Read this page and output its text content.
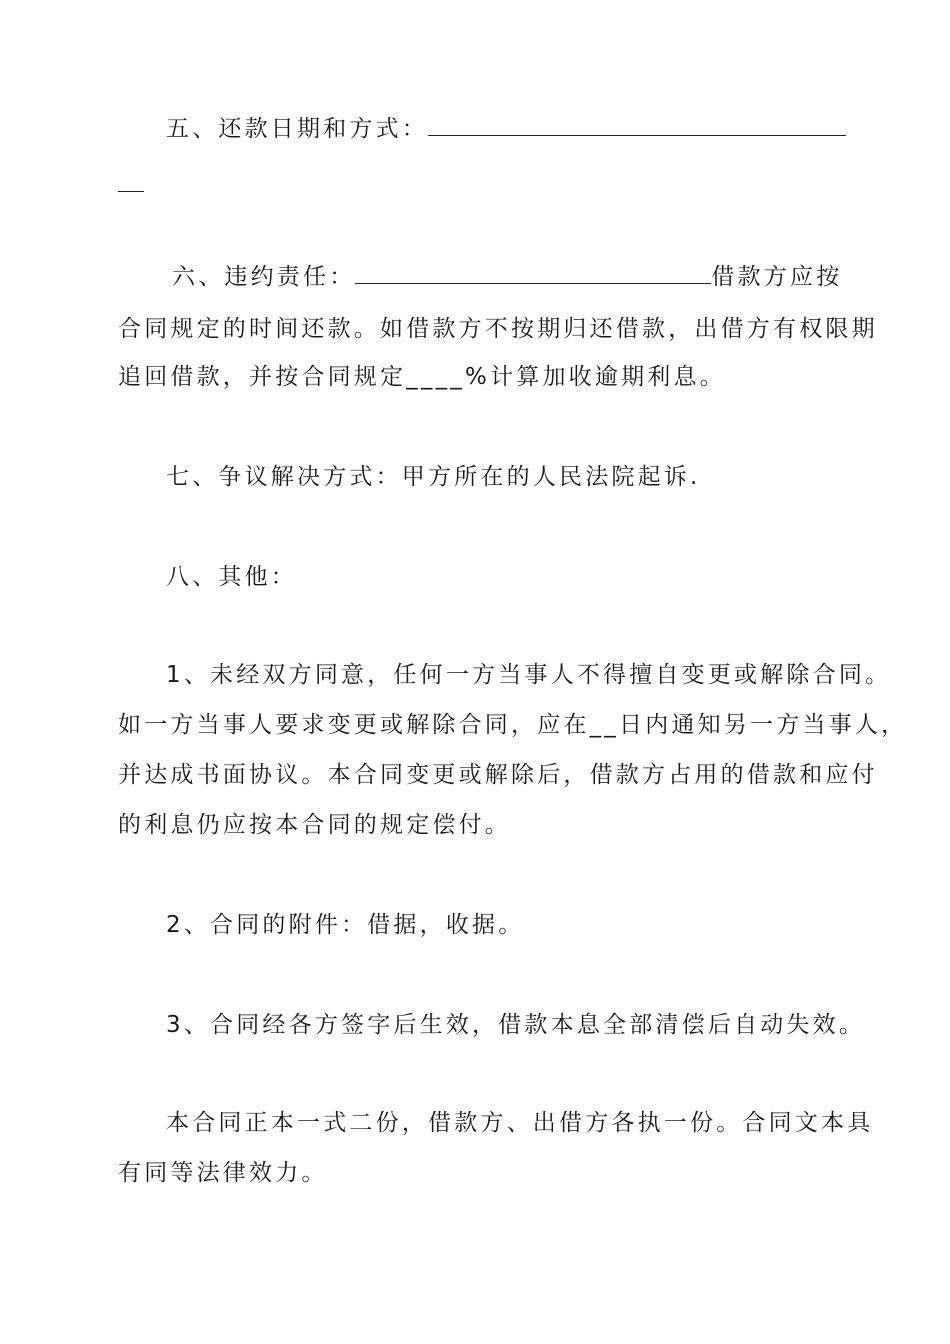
五、还款日期和方式：
六、违约责任：	借款方应按
合同规定的时间还款。如借款方不按期归还借款，出借方有权限期
追回借款，并按合同规定____%计算加收逾期利息。
七、争议解决方式：甲方所在的人民法院起诉.
八、其他：
1、未经双方同意，任何一方当事人不得擅自变更或解除合同。
如一方当事人要求变更或解除合同，应在__日内通知另一方当事人，
并达成书面协议。本合同变更或解除后，借款方占用的借款和应付
的利息仍应按本合同的规定偿付。
2、合同的附件：借据，收据。
3、合同经各方签字后生效，借款本息全部清偿后自动失效。
本合同正本一式二份，借款方、出借方各执一份。合同文本具
有同等法律效力。
